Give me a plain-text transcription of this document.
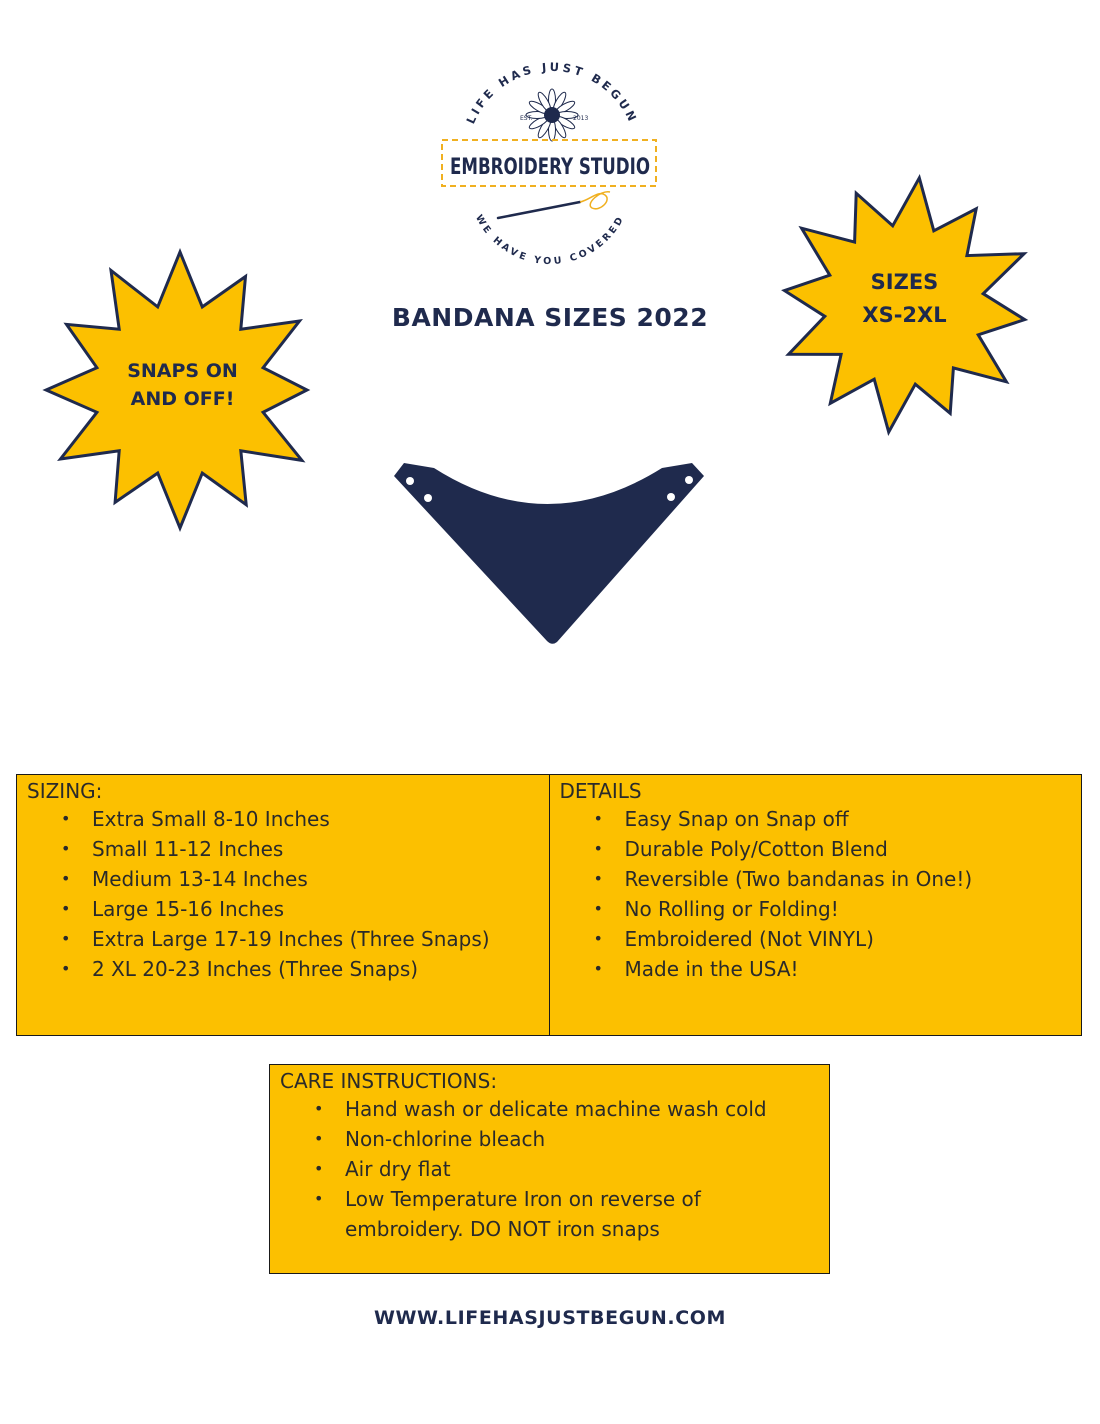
LIFE HAS JUST BEGUN
WE HAVE YOU COVERED
EST.	2013
EMBROIDERY STUDIO
SNAPS ON
AND OFF!
SIZES
XS-2XL
BANDANA SIZES 2022
SIZING:
• Extra Small 8-10 Inches
• Small 11-12 Inches
• Medium 13-14 Inches
• Large 15-16 Inches
• Extra Large 17-19 Inches (Three Snaps)
• 2 XL 20-23 Inches (Three Snaps)
DETAILS
• Easy Snap on Snap off
• Durable Poly/Cotton Blend
• Reversible (Two bandanas in One!)
• No Rolling or Folding!
• Embroidered (Not VINYL)
• Made in the USA!
CARE INSTRUCTIONS:
• Hand wash or delicate machine wash cold
• Non-chlorine bleach
• Air dry flat
• Low Temperature Iron on reverse of embroidery. DO NOT iron snaps
WWW.LIFEHASJUSTBEGUN.COM
